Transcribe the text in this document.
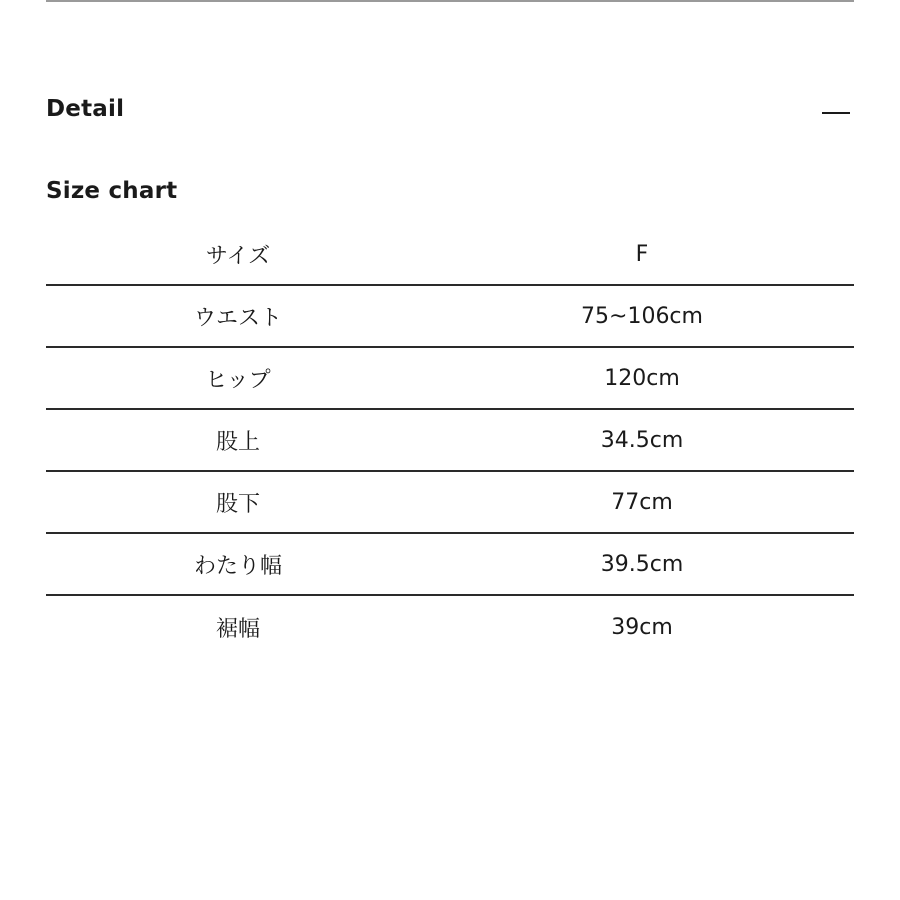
Detail
Size chart
サイズ	F
ウエスト	75~106cm
ヒップ	120cm
股上	34.5cm
股下	77cm
わたり幅	39.5cm
裾幅	39cm
